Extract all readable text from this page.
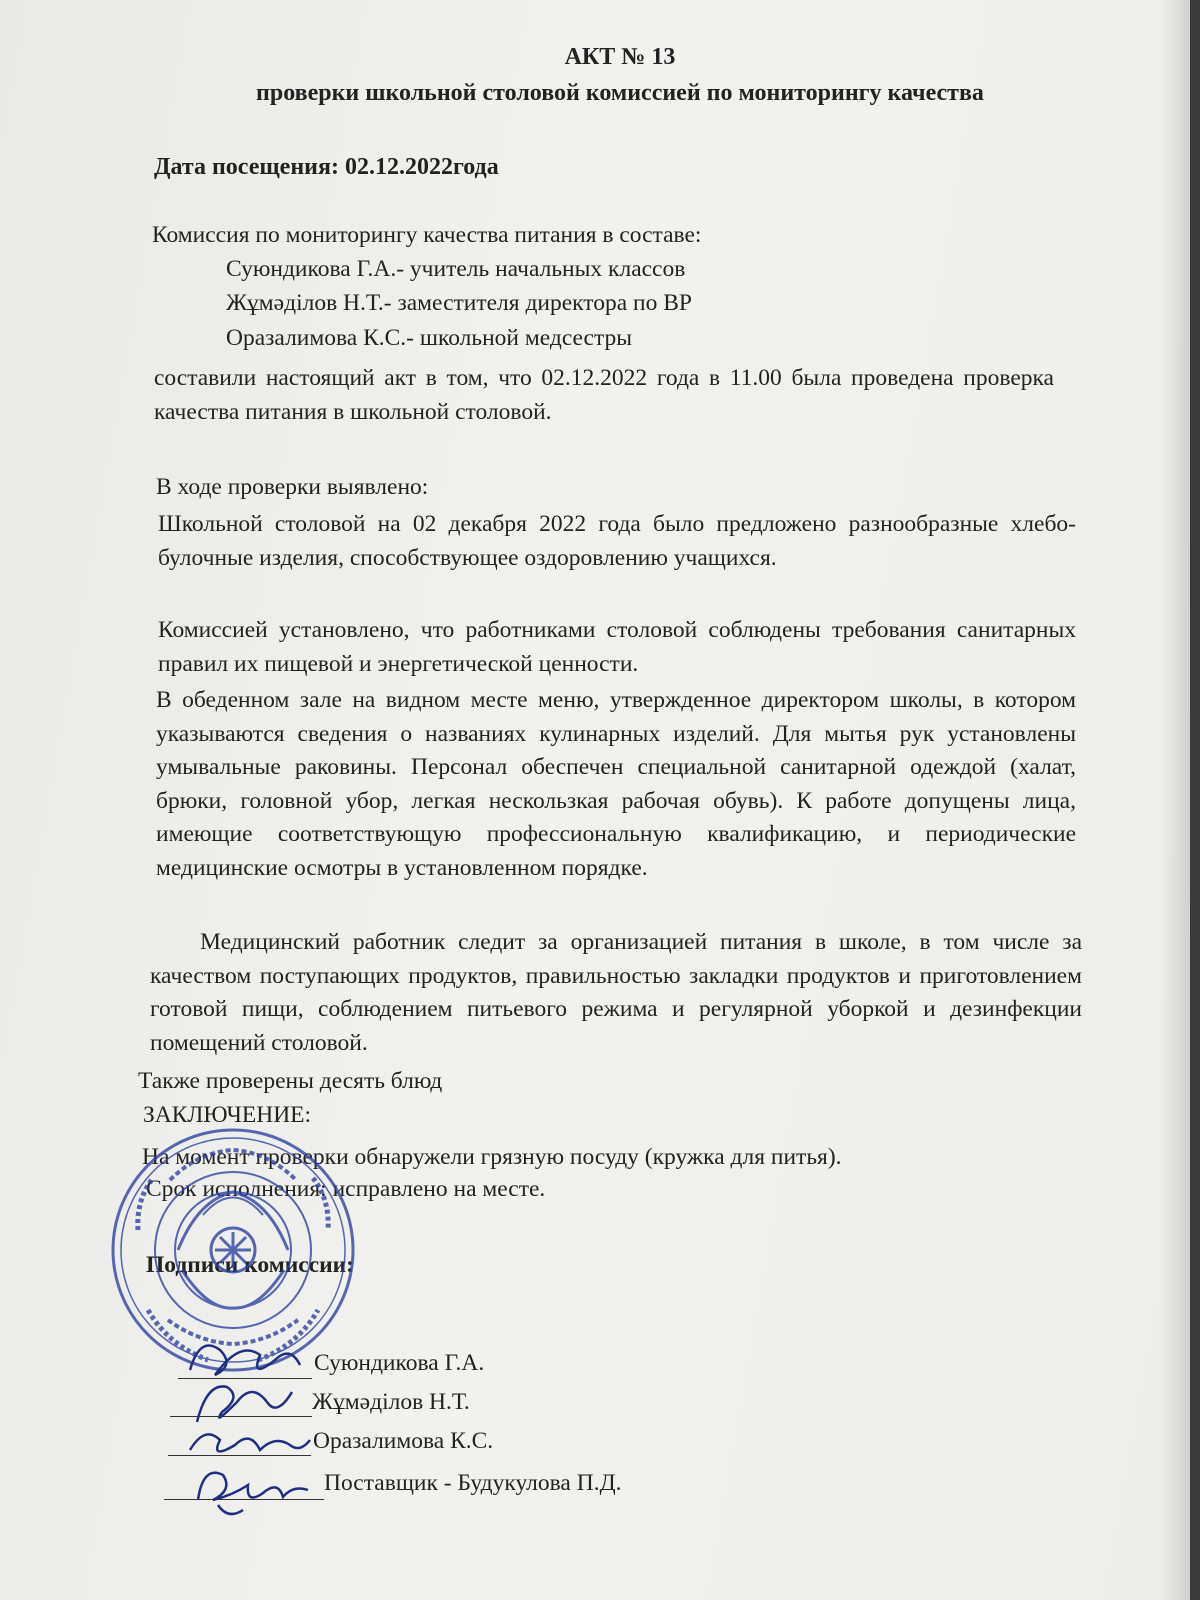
АКТ № 13
проверки школьной столовой комиссией по мониторингу качества
Дата посещения: 02.12.2022года
Комиссия по мониторингу качества питания в составе:
Суюндикова Г.А.- учитель начальных классов
Жұмәділов Н.Т.- заместителя директора по ВР
Оразалимова К.С.- школьной медсестры
составили настоящий акт в том, что 02.12.2022 года в 11.00 была проведена проверка качества питания в школьной столовой.
В ходе проверки выявлено:
Школьной столовой на 02 декабря 2022 года было предложено разнообразные хлебо-булочные изделия, способствующее оздоровлению учащихся.
Комиссией установлено, что работниками столовой соблюдены требования санитарных правил их пищевой и энергетической ценности.
В обеденном зале на видном месте меню, утвержденное директором школы, в котором указываются сведения о названиях кулинарных изделий. Для мытья рук установлены умывальные раковины. Персонал обеспечен специальной санитарной одеждой (халат, брюки, головной убор, легкая нескользкая рабочая обувь). К работе допущены лица, имеющие соответствующую профессиональную квалификацию, и периодические медицинские осмотры в установленном порядке.
Медицинский работник следит за организацией питания в школе, в том числе за качеством поступающих продуктов, правильностью закладки продуктов и приготовлением готовой пищи, соблюдением питьевого режима и регулярной уборкой и дезинфекции помещений столовой.
Также проверены десять блюд
ЗАКЛЮЧЕНИЕ:
На момент проверки обнаружели грязную посуду (кружка для питья).
Срок исполнения: исправлено на месте.
Подписи комиссии:
Суюндикова Г.А.
Жұмәділов Н.Т.
Оразалимова К.С.
Поставщик - Будукулова П.Д.
